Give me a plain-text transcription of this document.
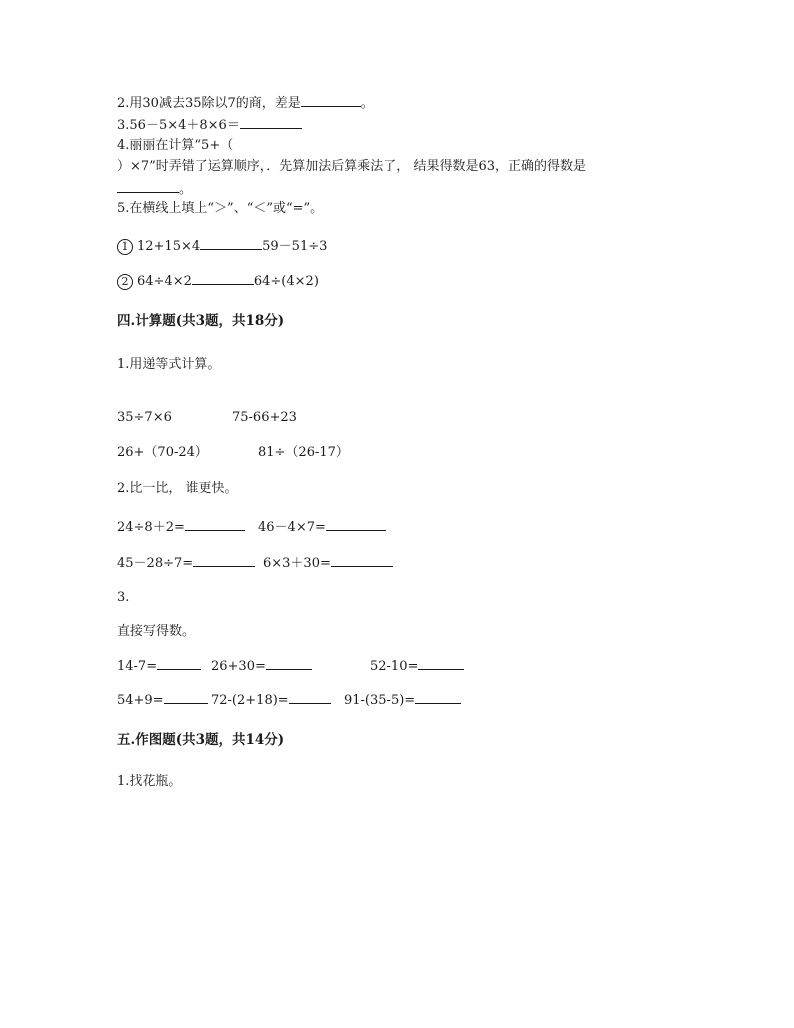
2.用30减去35除以7的商，差是	。
3.56－5×4＋8×6＝
4.丽丽在计算“5+（
）×7”时弄错了运算顺序，．先算加法后算乘法了， 结果得数是63，正确的得数是
。
5.在横线上填上“＞”、“＜”或“=”。
1 12+15×4	59－51÷3
2 64÷4×2	64÷(4×2)
四.计算题(共3题，共18分)
1.用递等式计算。
35÷7×6	75-66+23
26+（70-24）	81÷（26-17）
2.比一比， 谁更快。
24÷8＋2=	46－4×7=
45－28÷7=	6×3＋30=
3.
直接写得数。
14-7=	26+30=	52-10=
54+9=	72-(2+18)=	91-(35-5)=
五.作图题(共3题，共14分)
1.找花瓶。
